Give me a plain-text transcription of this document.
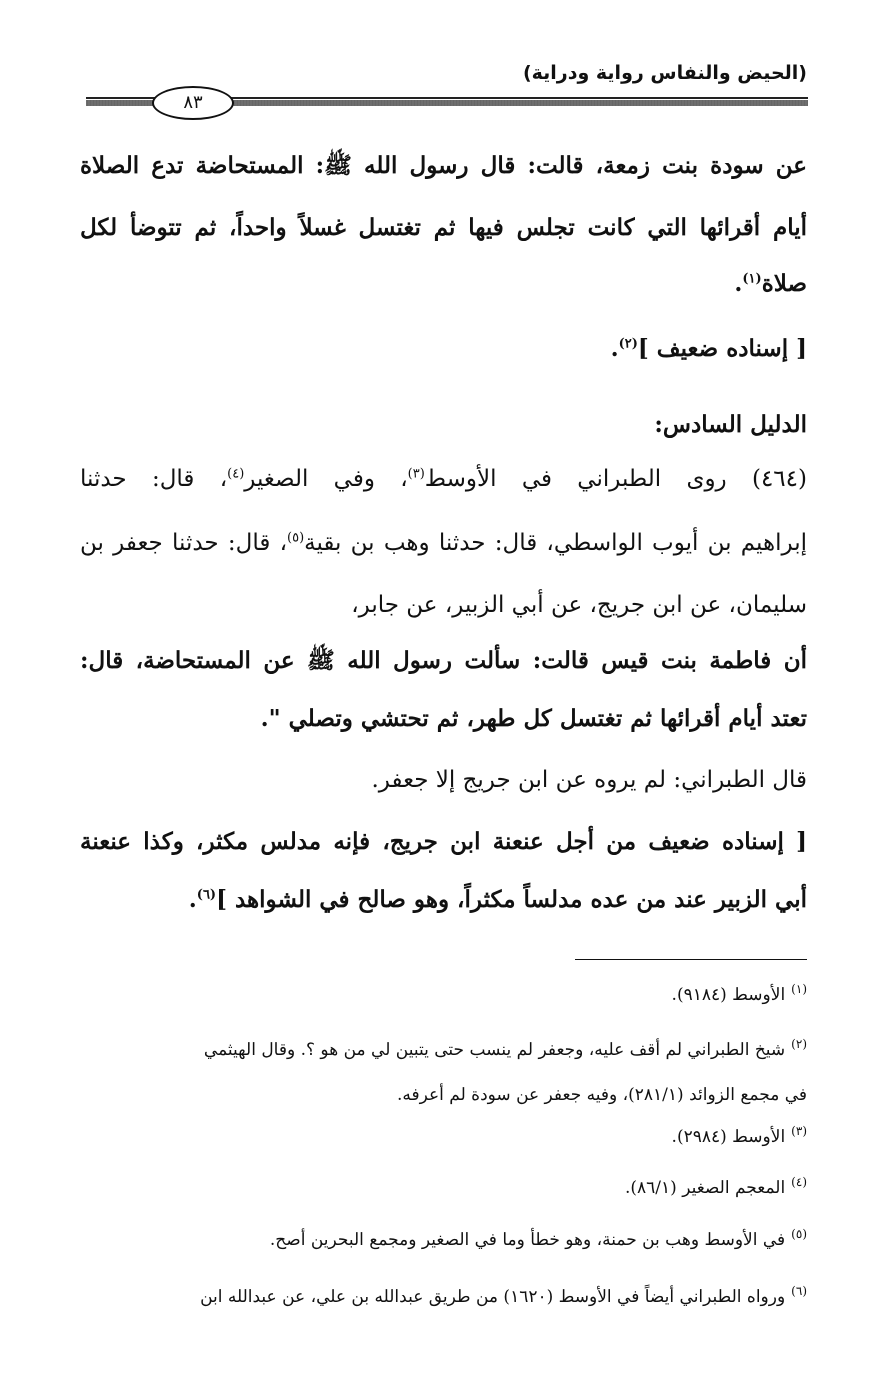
(الحيض والنفاس رواية ودراية)
٨٣
عن سودة بنت زمعة، قالت: قال رسول الله ﷺ: المستحاضة تدع الصلاة
أيام أقرائها التي كانت تجلس فيها ثم تغتسل غسلاً واحداً، ثم تتوضأ لكل
صلاة$^{(١)}$.
[ إسناده ضعيف ]$^{(٢)}$.
الدليل السادس:
(٤٦٤) روى الطبراني في الأوسط$^{(٣)}$، وفي الصغير$^{(٤)}$، قال: حدثنا
إبراهيم بن أيوب الواسطي، قال: حدثنا وهب بن بقية$^{(٥)}$، قال: حدثنا جعفر بن
سليمان، عن ابن جريج، عن أبي الزبير، عن جابر،
أن فاطمة بنت قيس قالت: سألت رسول الله ﷺ عن المستحاضة، قال:
تعتد أيام أقرائها ثم تغتسل كل طهر، ثم تحتشي وتصلي ".
قال الطبراني: لم يروه عن ابن جريج إلا جعفر.
[ إسناده ضعيف من أجل عنعنة ابن جريج، فإنه مدلس مكثر، وكذا عنعنة
أبي الزبير عند من عده مدلساً مكثراً، وهو صالح في الشواهد ]$^{(٦)}$.
$^{(١)}$الأوسط (٩١٨٤).
$^{(٢)}$شيخ الطبراني لم أقف عليه، وجعفر لم ينسب حتى يتبين لي من هو ؟. وقال الهيثمي
في مجمع الزوائد (٢٨١/١)، وفيه جعفر عن سودة لم أعرفه.
$^{(٣)}$الأوسط (٢٩٨٤).
$^{(٤)}$المعجم الصغير (٨٦/١).
$^{(٥)}$في الأوسط وهب بن حمنة، وهو خطأ وما في الصغير ومجمع البحرين أصح.
$^{(٦)}$ورواه الطبراني أيضاً في الأوسط (١٦٢٠) من طريق عبدالله بن علي، عن عبدالله ابن
